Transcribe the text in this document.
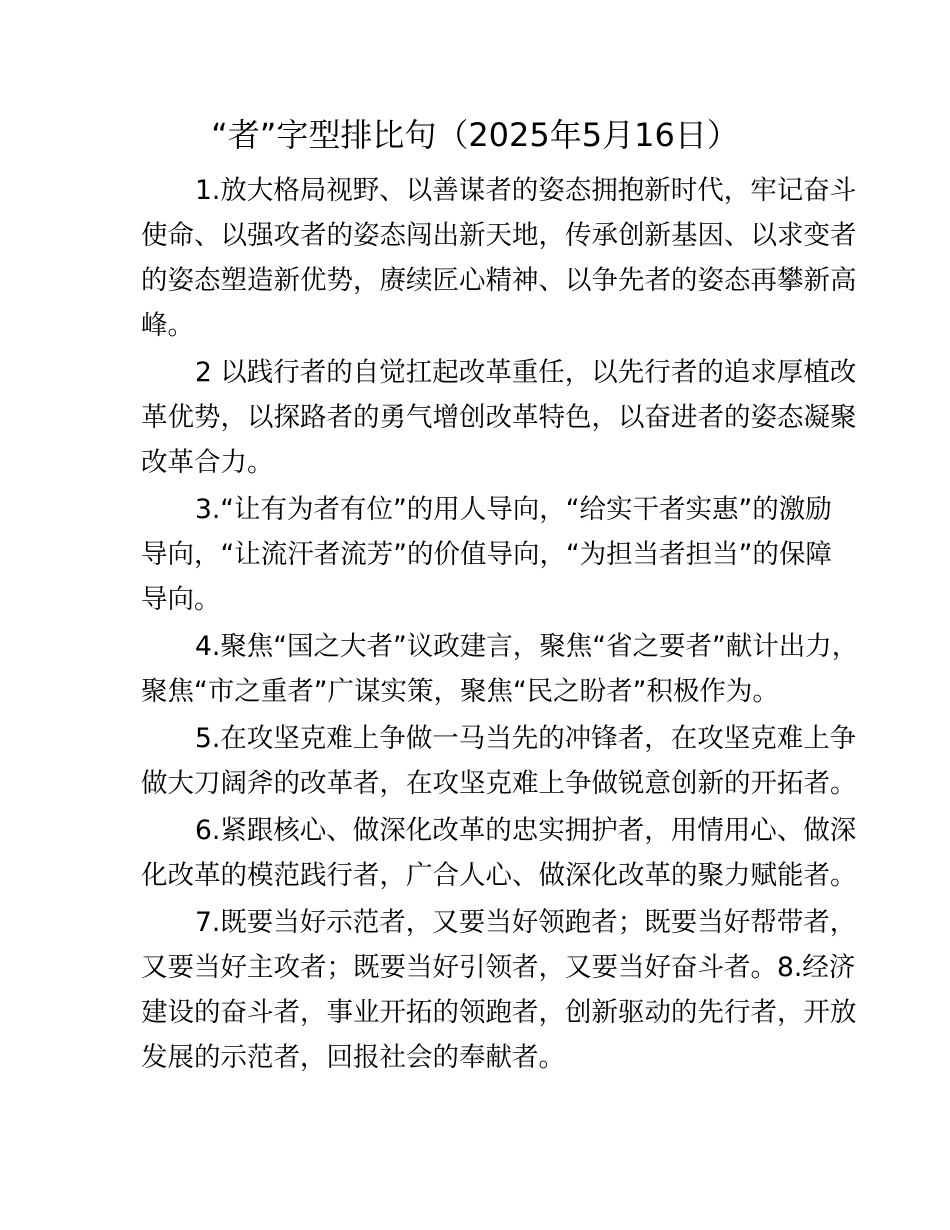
“者”字型排比句（2025年5月16日）
1.放大格局视野、以善谋者的姿态拥抱新时代，牢记奋斗
使命、以强攻者的姿态闯出新天地，传承创新基因、以求变者
的姿态塑造新优势，赓续匠心精神、以争先者的姿态再攀新高
峰。
2 以践行者的自觉扛起改革重任，以先行者的追求厚植改
革优势，以探路者的勇气增创改革特色，以奋进者的姿态凝聚
改革合力。
3.“让有为者有位”的用人导向，“给实干者实惠”的激励
导向，“让流汗者流芳”的价值导向，“为担当者担当”的保障
导向。
4.聚焦“国之大者”议政建言，聚焦“省之要者”献计出力，
聚焦“市之重者”广谋实策，聚焦“民之盼者”积极作为。
5.在攻坚克难上争做一马当先的冲锋者，在攻坚克难上争
做大刀阔斧的改革者，在攻坚克难上争做锐意创新的开拓者。
6.紧跟核心、做深化改革的忠实拥护者，用情用心、做深
化改革的模范践行者，广合人心、做深化改革的聚力赋能者。
7.既要当好示范者，又要当好领跑者；既要当好帮带者，
又要当好主攻者；既要当好引领者，又要当好奋斗者。8.经济
建设的奋斗者，事业开拓的领跑者，创新驱动的先行者，开放
发展的示范者，回报社会的奉献者。
